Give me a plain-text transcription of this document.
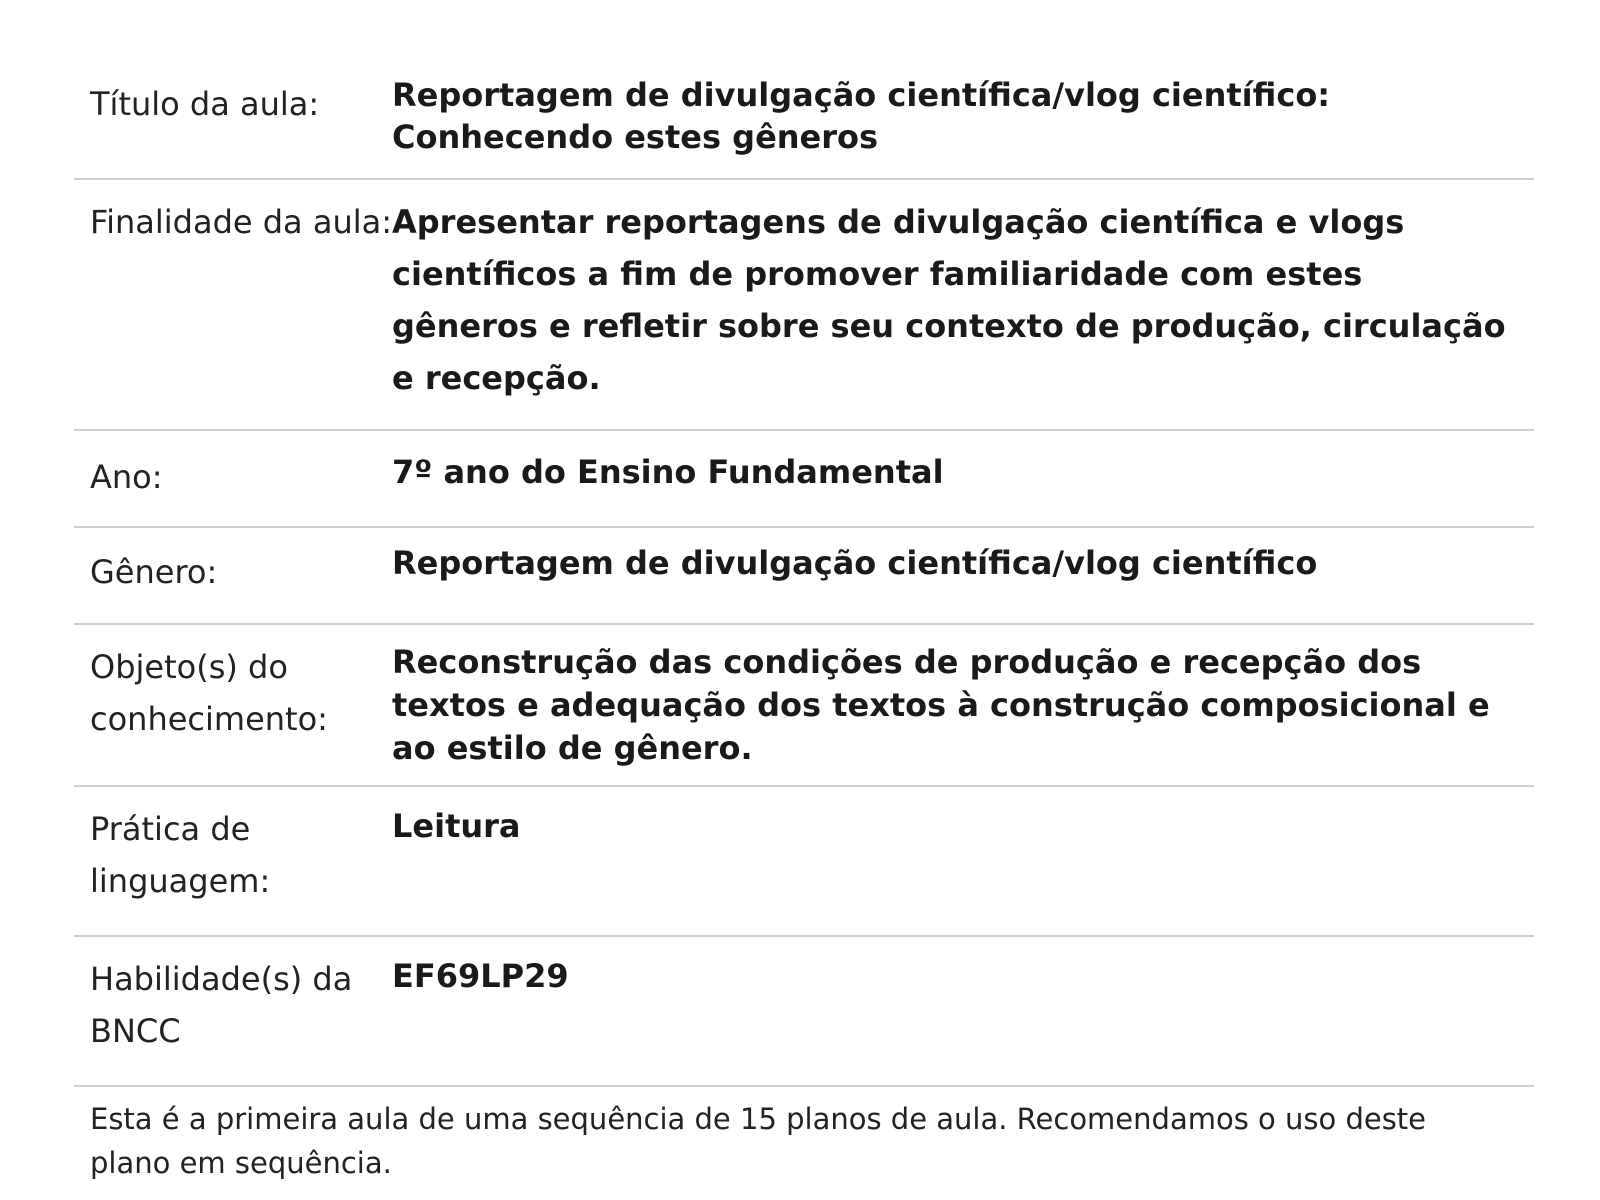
Título da aula:	Reportagem de divulgação científica/vlog científico: Conhecendo estes gêneros
Finalidade da aula: Apresentar reportagens de divulgação científica e vlogs científicos a fim de promover familiaridade com estes gêneros e refletir sobre seu contexto de produção, circulação e recepção.
Ano:	7º ano do Ensino Fundamental
Gênero:	Reportagem de divulgação científica/vlog científico
Objeto(s) do conhecimento:
Reconstrução das condições de produção e recepção dos textos e adequação dos textos à construção composicional e ao estilo de gênero.
Prática de linguagem:
Leitura
Habilidade(s) da BNCC
EF69LP29
Esta é a primeira aula de uma sequência de 15 planos de aula. Recomendamos o uso deste plano em sequência.
